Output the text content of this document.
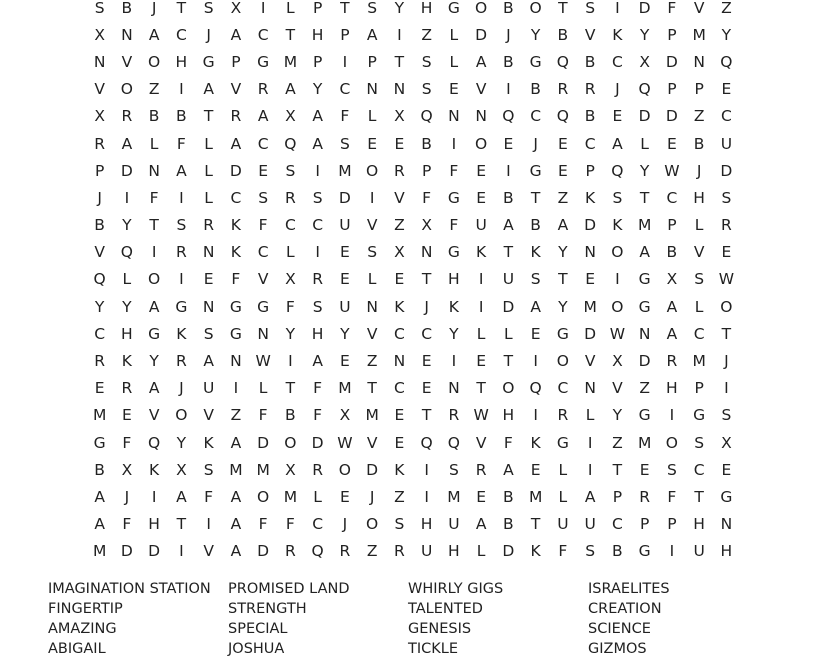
S	B	J	T	S	X	I	L	P	T	S	Y	H G O	B	O	T	S	I	D	F	V	Z
X	N	A	C	J	A	C	T	H	P	A	I	Z	L	D	J	Y	B	V	K	Y	P	M	Y
N	V	O H G	P	G M	P	I	P	T	S	L	A	B	G Q	B	C	X	D N Q
V	O	Z	I	A	V	R	A	Y	C	N	N	S	E	V	I	B	R	R	J	Q	P	P	E
X	R	B	B	T	R	A	X	A	F	L	X	Q N	N Q	C	Q	B	E	D D	Z	C
R	A	L	F	L	A	C	Q	A	S	E	E	B	I	O	E	J	E	C	A	L	E	B	U
P	D N	A	L	D	E	S	I	M O	R	P	F	E	I	G	E	P	Q	Y W	J	D
J	I	F	I	L	C	S	R	S	D	I	V	F	G	E	B	T	Z	K	S	T	C	H	S
B	Y	T	S	R	K	F	C	C	U	V	Z	X	F	U	A	B	A	D	K M	P	L	R
V	Q	I	R	N	K	C	L	I	E	S	X	N G	K	T	K	Y	N O	A	B	V	E
Q	L	O	I	E	F	V	X	R	E	L	E	T	H	I	U	S	T	E	I	G	X	S W
Y	Y	A	G N G G	F	S	U	N	K	J	K	I	D	A	Y	M O G	A	L	O
C	H G	K	S	G N	Y	H	Y	V	C	C	Y	L	L	E	G D W N	A	C	T
R	K	Y	R	A	N W	I	A	E	Z	N	E	I	E	T	I	O	V	X	D	R M	J
E	R	A	J	U	I	L	T	F	M	T	C	E	N	T	O Q	C	N	V	Z	H	P	I
M	E	V	O	V	Z	F	B	F	X M	E	T	R W H	I	R	L	Y	G	I	G	S
G	F	Q	Y	K	A	D O D W V	E	Q Q	V	F	K	G	I	Z M O	S	X
B	X	K	X	S	M M X	R	O D	K	I	S	R	A	E	L	I	T	E	S	C	E
A	J	I	A	F	A	O M	L	E	J	Z	I	M	E	B M	L	A	P	R	F	T	G
A	F	H	T	I	A	F	F	C	J	O	S	H	U	A	B	T	U	U	C	P	P	H	N
M D D	I	V	A	D	R	Q	R	Z	R	U	H	L	D	K	F	S	B	G	I	U	H
IMAGINATION STATION	PROMISED LAND	WHIRLY GIGS	ISRAELITES
FINGERTIP	STRENGTH	TALENTED	CREATION
AMAZING	SPECIAL	GENESIS	SCIENCE
ABIGAIL	JOSHUA	TICKLE	GIZMOS
